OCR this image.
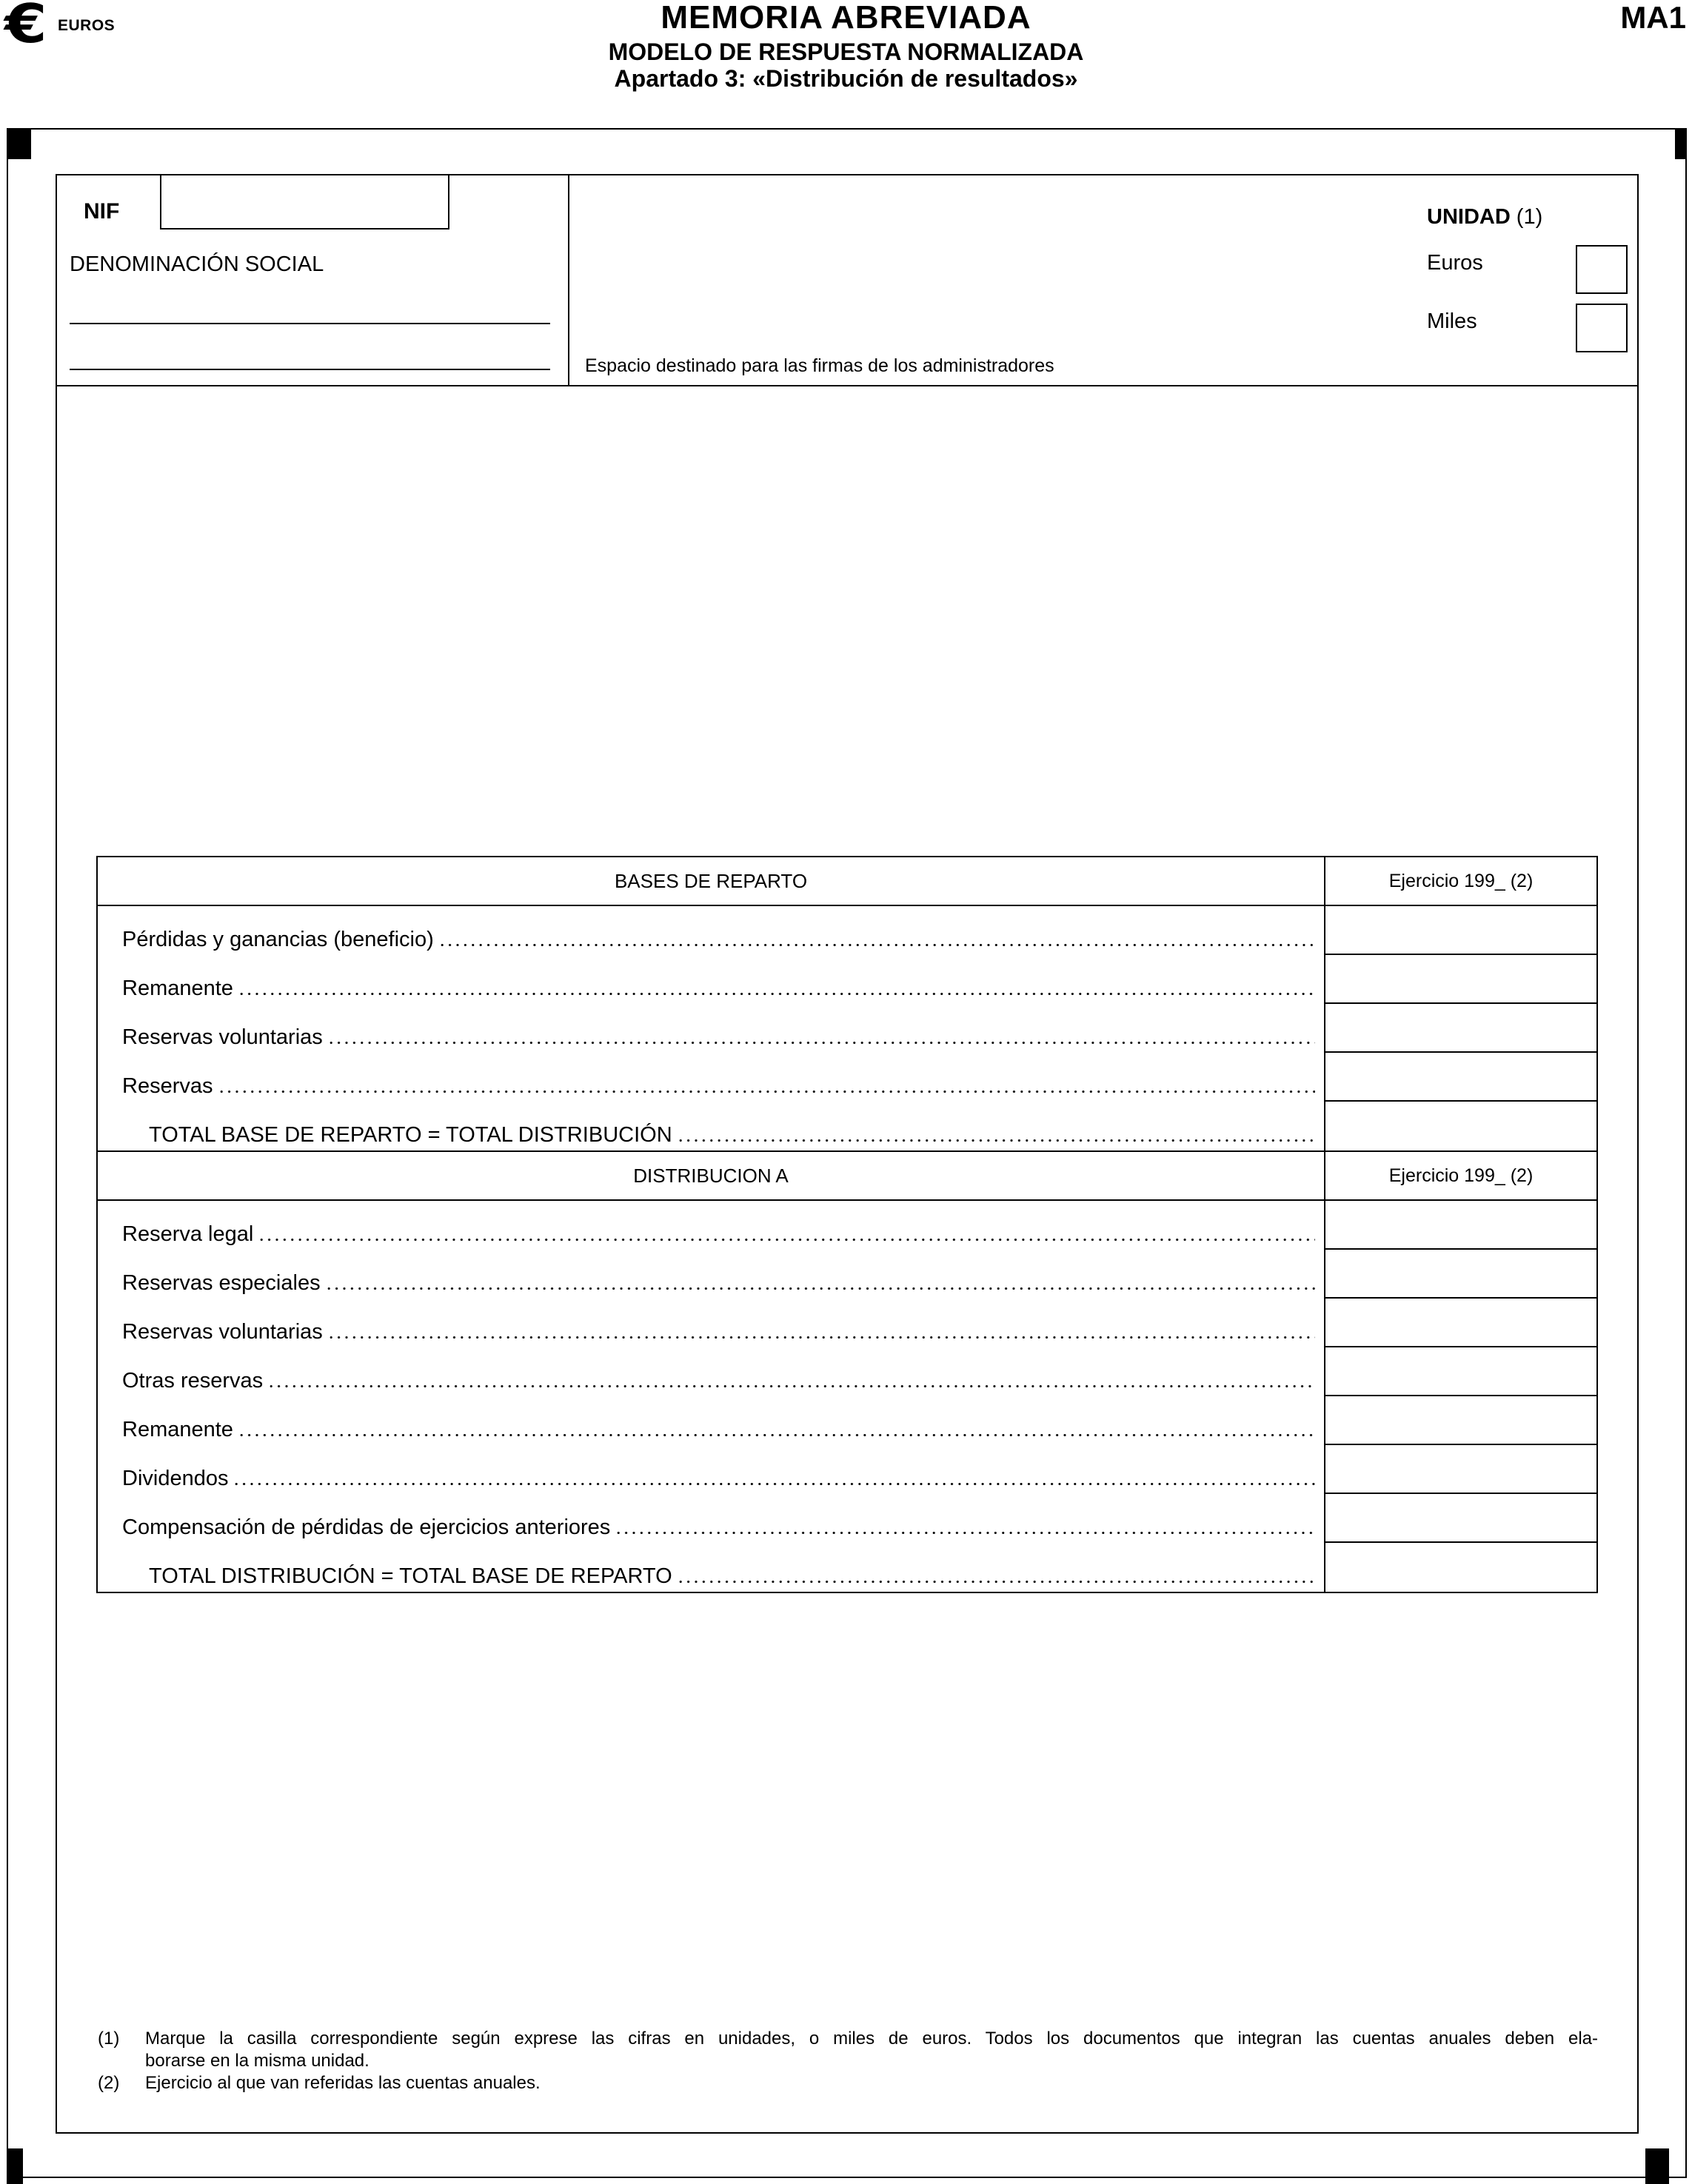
€ EUROS	MEMORIA ABREVIADA
MODELO DE RESPUESTA NORMALIZADA
Apartado 3: «Distribución de resultados»
MA1
NIF
DENOMINACIÓN SOCIAL
Espacio destinado para las firmas de los administradores
UNIDAD (1)
Euros
Miles
BASES DE REPARTO	Ejercicio 199_ (2)
Pérdidas y ganancias (beneficio)
Remanente
Reservas voluntarias
Reservas
TOTAL BASE DE REPARTO = TOTAL DISTRIBUCIÓN
DISTRIBUCION A	Ejercicio 199_ (2)
Reserva legal
Reservas especiales
Reservas voluntarias
Otras reservas
Remanente
Dividendos
Compensación de pérdidas de ejercicios anteriores
TOTAL DISTRIBUCIÓN = TOTAL BASE DE REPARTO
(1)	Marque la casilla correspondiente según exprese las cifras en unidades, o miles de euros. Todos los documentos que integran las cuentas anuales deben ela-
borarse en la misma unidad.
(2)	Ejercicio al que van referidas las cuentas anuales.
